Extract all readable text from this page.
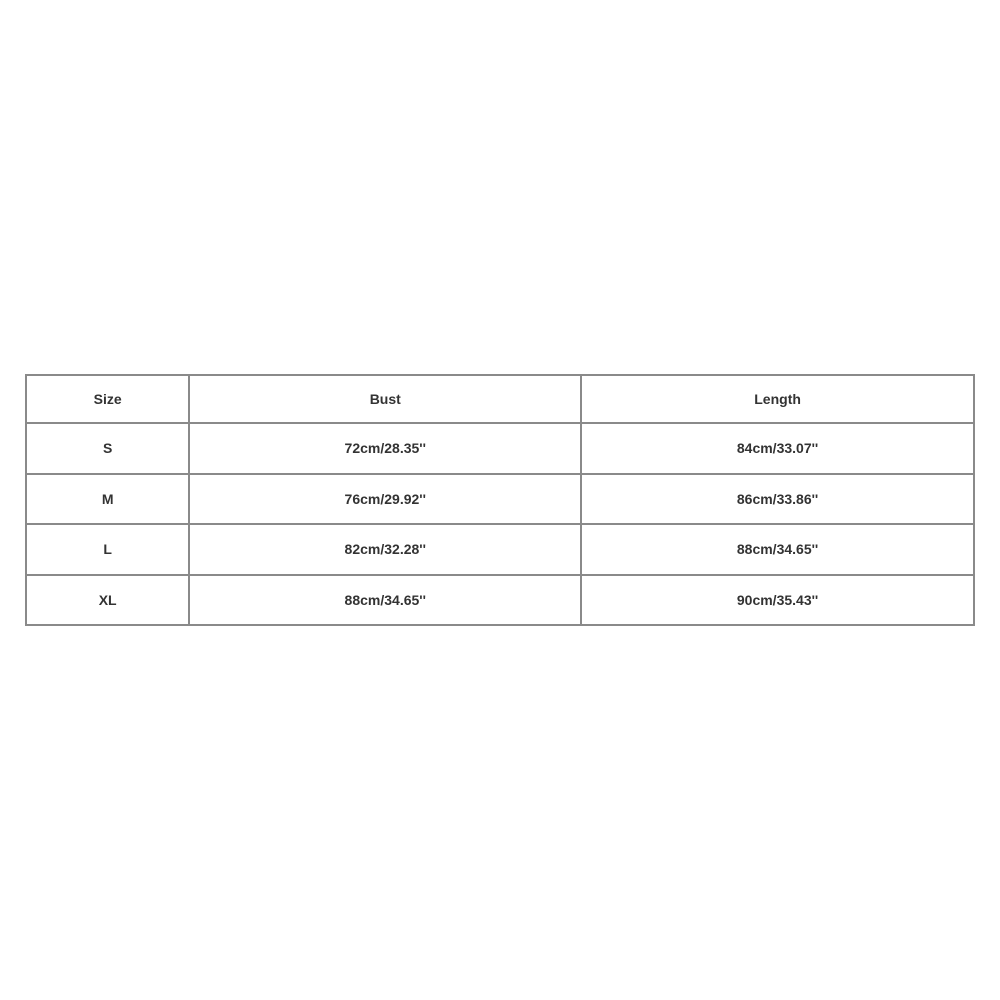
Size	Bust	Length
S	72cm/28.35''	84cm/33.07''
M	76cm/29.92''	86cm/33.86''
L	82cm/32.28''	88cm/34.65''
XL	88cm/34.65''	90cm/35.43''
